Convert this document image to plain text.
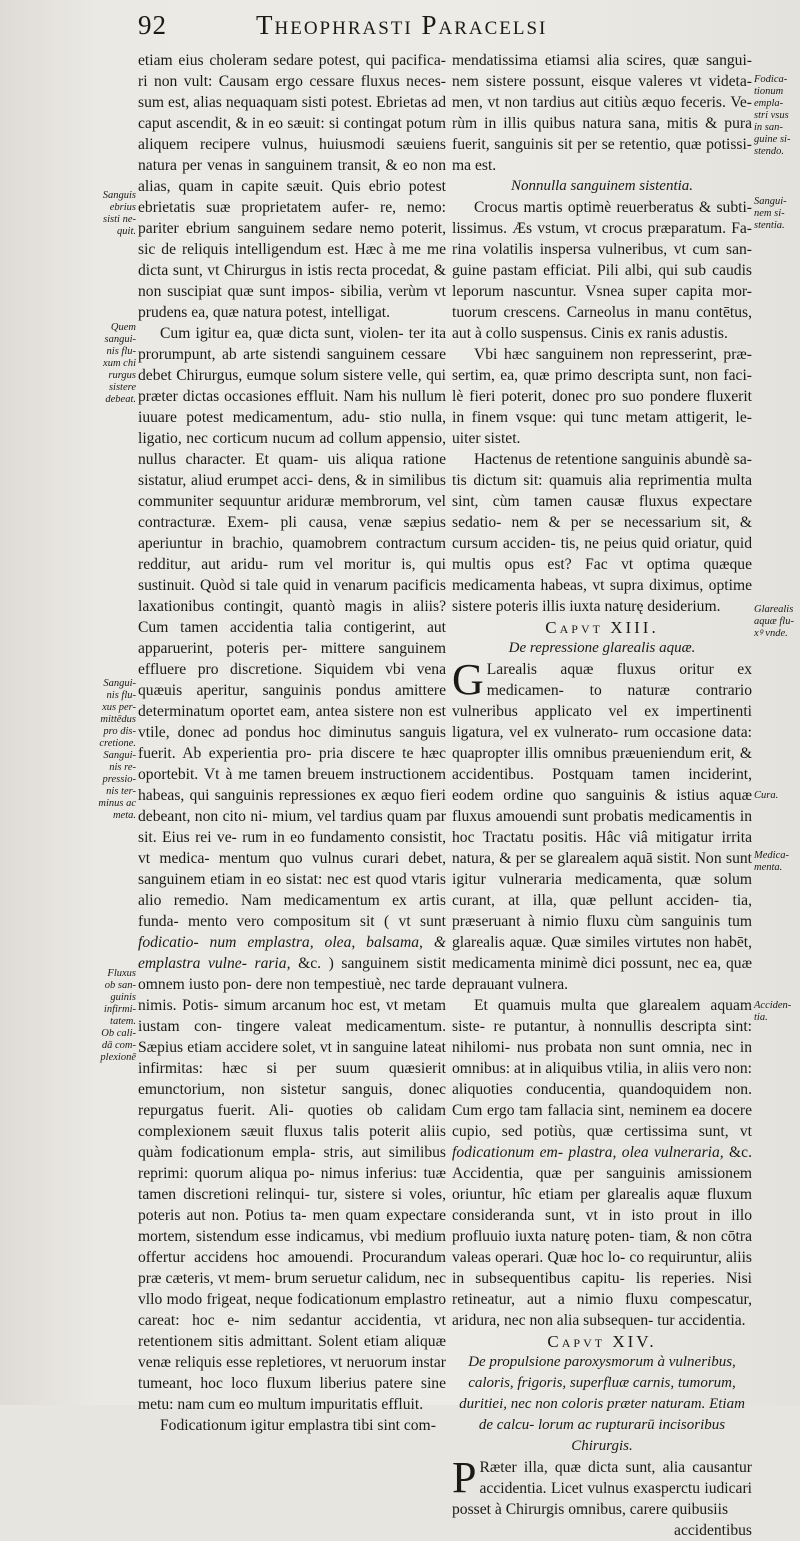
92	Theophrasti Paracelsi

etiam eius choleram sedare potest, qui pacifica- ri non vult: Causam ergo cessare fluxus neces- sum est, alias nequaquam sisti potest. Ebrietas ad caput ascendit, & in eo sæuit: si contingat potum aliquem recipere vulnus, huiusmodi sæuiens natura per venas in sanguinem transit, & eo non alias, quam in capite sæuit. Quis ebrio potest ebrietatis suæ proprietatem aufer- re, nemo: pariter ebrium sanguinem sedare nemo poterit, sic de reliquis intelligendum est. Hæc à me me dicta sunt, vt Chirurgus in istis recta procedat, & non suscipiat quæ sunt impos- sibilia, verùm vt prudens ea, quæ natura potest, intelligat.

Cum igitur ea, quæ dicta sunt, violen- ter ita prorumpunt, ab arte sistendi sanguinem cessare debet Chirurgus, eumque solum sistere velle, qui præter dictas occasiones effluit. Nam his nullum iuuare potest medicamentum, adu- stio nulla, ligatio, nec corticum nucum ad collum appensio, nullus character. Et quam- uis aliqua ratione sistatur, aliud erumpet acci- dens, & in similibus communiter sequuntur ariduræ membrorum, vel contracturæ. Exem- pli causa, venæ sæpius aperiuntur in brachio, quamobrem contractum redditur, aut aridu- rum vel moritur is, qui sustinuit. Quòd si tale quid in venarum pacificis laxationibus contingit, quantò magis in aliis? Cum tamen accidentia talia contigerint, aut apparuerint, poteris per- mittere sanguinem effluere pro discretione. Siquidem vbi vena quæuis aperitur, sanguinis pondus amittere determinatum oportet eam, antea sistere non est vtile, donec ad pondus hoc diminutus sanguis fuerit. Ab experientia pro- pria discere te hæc oportebit. Vt à me tamen breuem instructionem habeas, qui sanguinis repressiones ex æquo fieri debeant, non cito ni- mium, vel tardius quam par sit. Eius rei ve- rum in eo fundamento consistit, vt medica- mentum quo vulnus curari debet, sanguinem etiam in eo sistat: nec est quod vtaris alio remedio. Nam medicamentum ex artis funda- mento vero compositum sit ( vt sunt fodicatio- num emplastra, olea, balsama, & emplastra vulne- raria, &c. ) sanguinem sistit omnem iusto pon- dere non tempestiuè, nec tarde nimis. Potis- simum arcanum hoc est, vt metam iustam con- tingere valeat medicamentum. Sæpius etiam accidere solet, vt in sanguine lateat infirmitas: hæc si per suum quæsierit emunctorium, non sistetur sanguis, donec repurgatus fuerit. Ali- quoties ob calidam complexionem sæuit fluxus talis poterit aliis quàm fodicationum empla- stris, aut similibus reprimi: quorum aliqua po- nimus inferius: tuæ tamen discretioni relinqui- tur, sistere si voles, poteris aut non. Potius ta- men quam expectare mortem, sistendum esse indicamus, vbi medium offertur accidens hoc amouendi. Procurandum præ cæteris, vt mem- brum seruetur calidum, nec vllo modo frigeat, neque fodicationum emplastro careat: hoc e- nim sedantur accidentia, vt retentionem sitis admittant. Solent etiam aliquæ venæ reliquis esse repletiores, vt neruorum instar tumeant, hoc loco fluxum liberius patere sine metu: nam cum eo multum impuritatis effluit.

Fodicationum igitur emplastra tibi sint com-

mendatissima etiamsi alia scires, quæ sangui- nem sistere possunt, eisque valeres vt videta- men, vt non tardius aut citiùs æquo feceris. Ve- rùm in illis quibus natura sana, mitis & pura fuerit, sanguinis sit per se retentio, quæ potissi- ma est.

Nonnulla sanguinem sistentia.

Crocus martis optimè reuerberatus & subti- lissimus. Æs vstum, vt crocus præparatum. Fa- rina volatilis inspersa vulneribus, vt cum san- guine pastam efficiat. Pili albi, qui sub caudis leporum nascuntur. Vsnea super capita mor- tuorum crescens. Carneolus in manu contētus, aut à collo suspensus. Cinis ex ranis adustis.

Vbi hæc sanguinem non represserint, præ- sertim, ea, quæ primo descripta sunt, non faci- lè fieri poterit, donec pro suo pondere fluxerit in finem vsque: qui tunc metam attigerit, le- uiter sistet.

Hactenus de retentione sanguinis abundè sa- tis dictum sit: quamuis alia reprimentia multa sint, cùm tamen causæ fluxus expectare sedatio- nem & per se necessarium sit, & cursum acciden- tis, ne peius quid oriatur, quid multis opus est? Fac vt optima quæque medicamenta habeas, vt supra diximus, optime sistere poteris illis iuxta naturę desiderium.

Capvt XIII.

De repressione glarealis aquæ.

G Larealis aquæ fluxus oritur ex medicamen- to naturæ contrario vulneribus applicato vel ex impertinenti ligatura, vel ex vulnerato- rum occasione data: quapropter illis omnibus præueniendum erit, & accidentibus. Postquam tamen inciderint, eodem ordine quo sanguinis & istius aquæ fluxus amouendi sunt probatis medicamentis in hoc Tractatu positis. Hâc viâ mitigatur irrita natura, & per se glarealem aquā sistit. Non sunt igitur vulneraria medicamenta, quæ solum curant, at illa, quæ pellunt acciden- tia, præseruant à nimio fluxu cùm sanguinis tum glarealis aquæ. Quæ similes virtutes non habēt, medicamenta minimè dici possunt, nec ea, quæ deprauant vulnera.

Et quamuis multa que glarealem aquam siste- re putantur, à nonnullis descripta sint: nihilomi- nus probata non sunt omnia, nec in omnibus: at in aliquibus vtilia, in aliis vero non: aliquoties conducentia, quandoquidem non. Cum ergo tam fallacia sint, neminem ea docere cupio, sed potiùs, quæ certissima sunt, vt fodicationum em- plastra, olea vulneraria, &c. Accidentia, quæ per sanguinis amissionem oriuntur, hîc etiam per glarealis aquæ fluxum consideranda sunt, vt in isto prout in illo profluuio iuxta naturę poten- tiam, & non cōtra valeas operari. Quæ hoc lo- co requiruntur, aliis in subsequentibus capitu- lis reperies. Nisi retineatur, aut a nimio fluxu compescatur, aridura, nec non alia subsequen- tur accidentia.

Capvt XIV.

De propulsione paroxysmorum à vulneribus, caloris, frigoris, superfluæ carnis, tumorum, duritiei, nec non coloris præter naturam. Etiam de calcu- lorum ac rupturarū incisoribus Chirurgis.

P Ræter illa, quæ dicta sunt, alia causantur accidentia. Licet vulnus exasperctu iudicari posset à Chirurgis omnibus, carere quibusiis

accidentibus

Sanguis
ebrius
sisti ne-
quit.
Quem
sangui-
nis flu-
xum chi
rurgus
sistere
debeat.
Sangui-
nis flu-
xus per-
mittēdus
pro dis-
cretione.
Sangui-
nis re-
pressio-
nis ter-
minus ac
meta.
Fluxus
ob san-
guinis
infirmi-
tatem.
Ob cali-
dā com-
plexionē
Fodica-
tionum
empla-
stri vsus
in san-
guine si-
stendo.
Sangui-
nem si-
stentia.
Glarealis
aquæ flu-
xꝰ vnde.
Cura.
Medica-
menta.
Acciden-
tia.
